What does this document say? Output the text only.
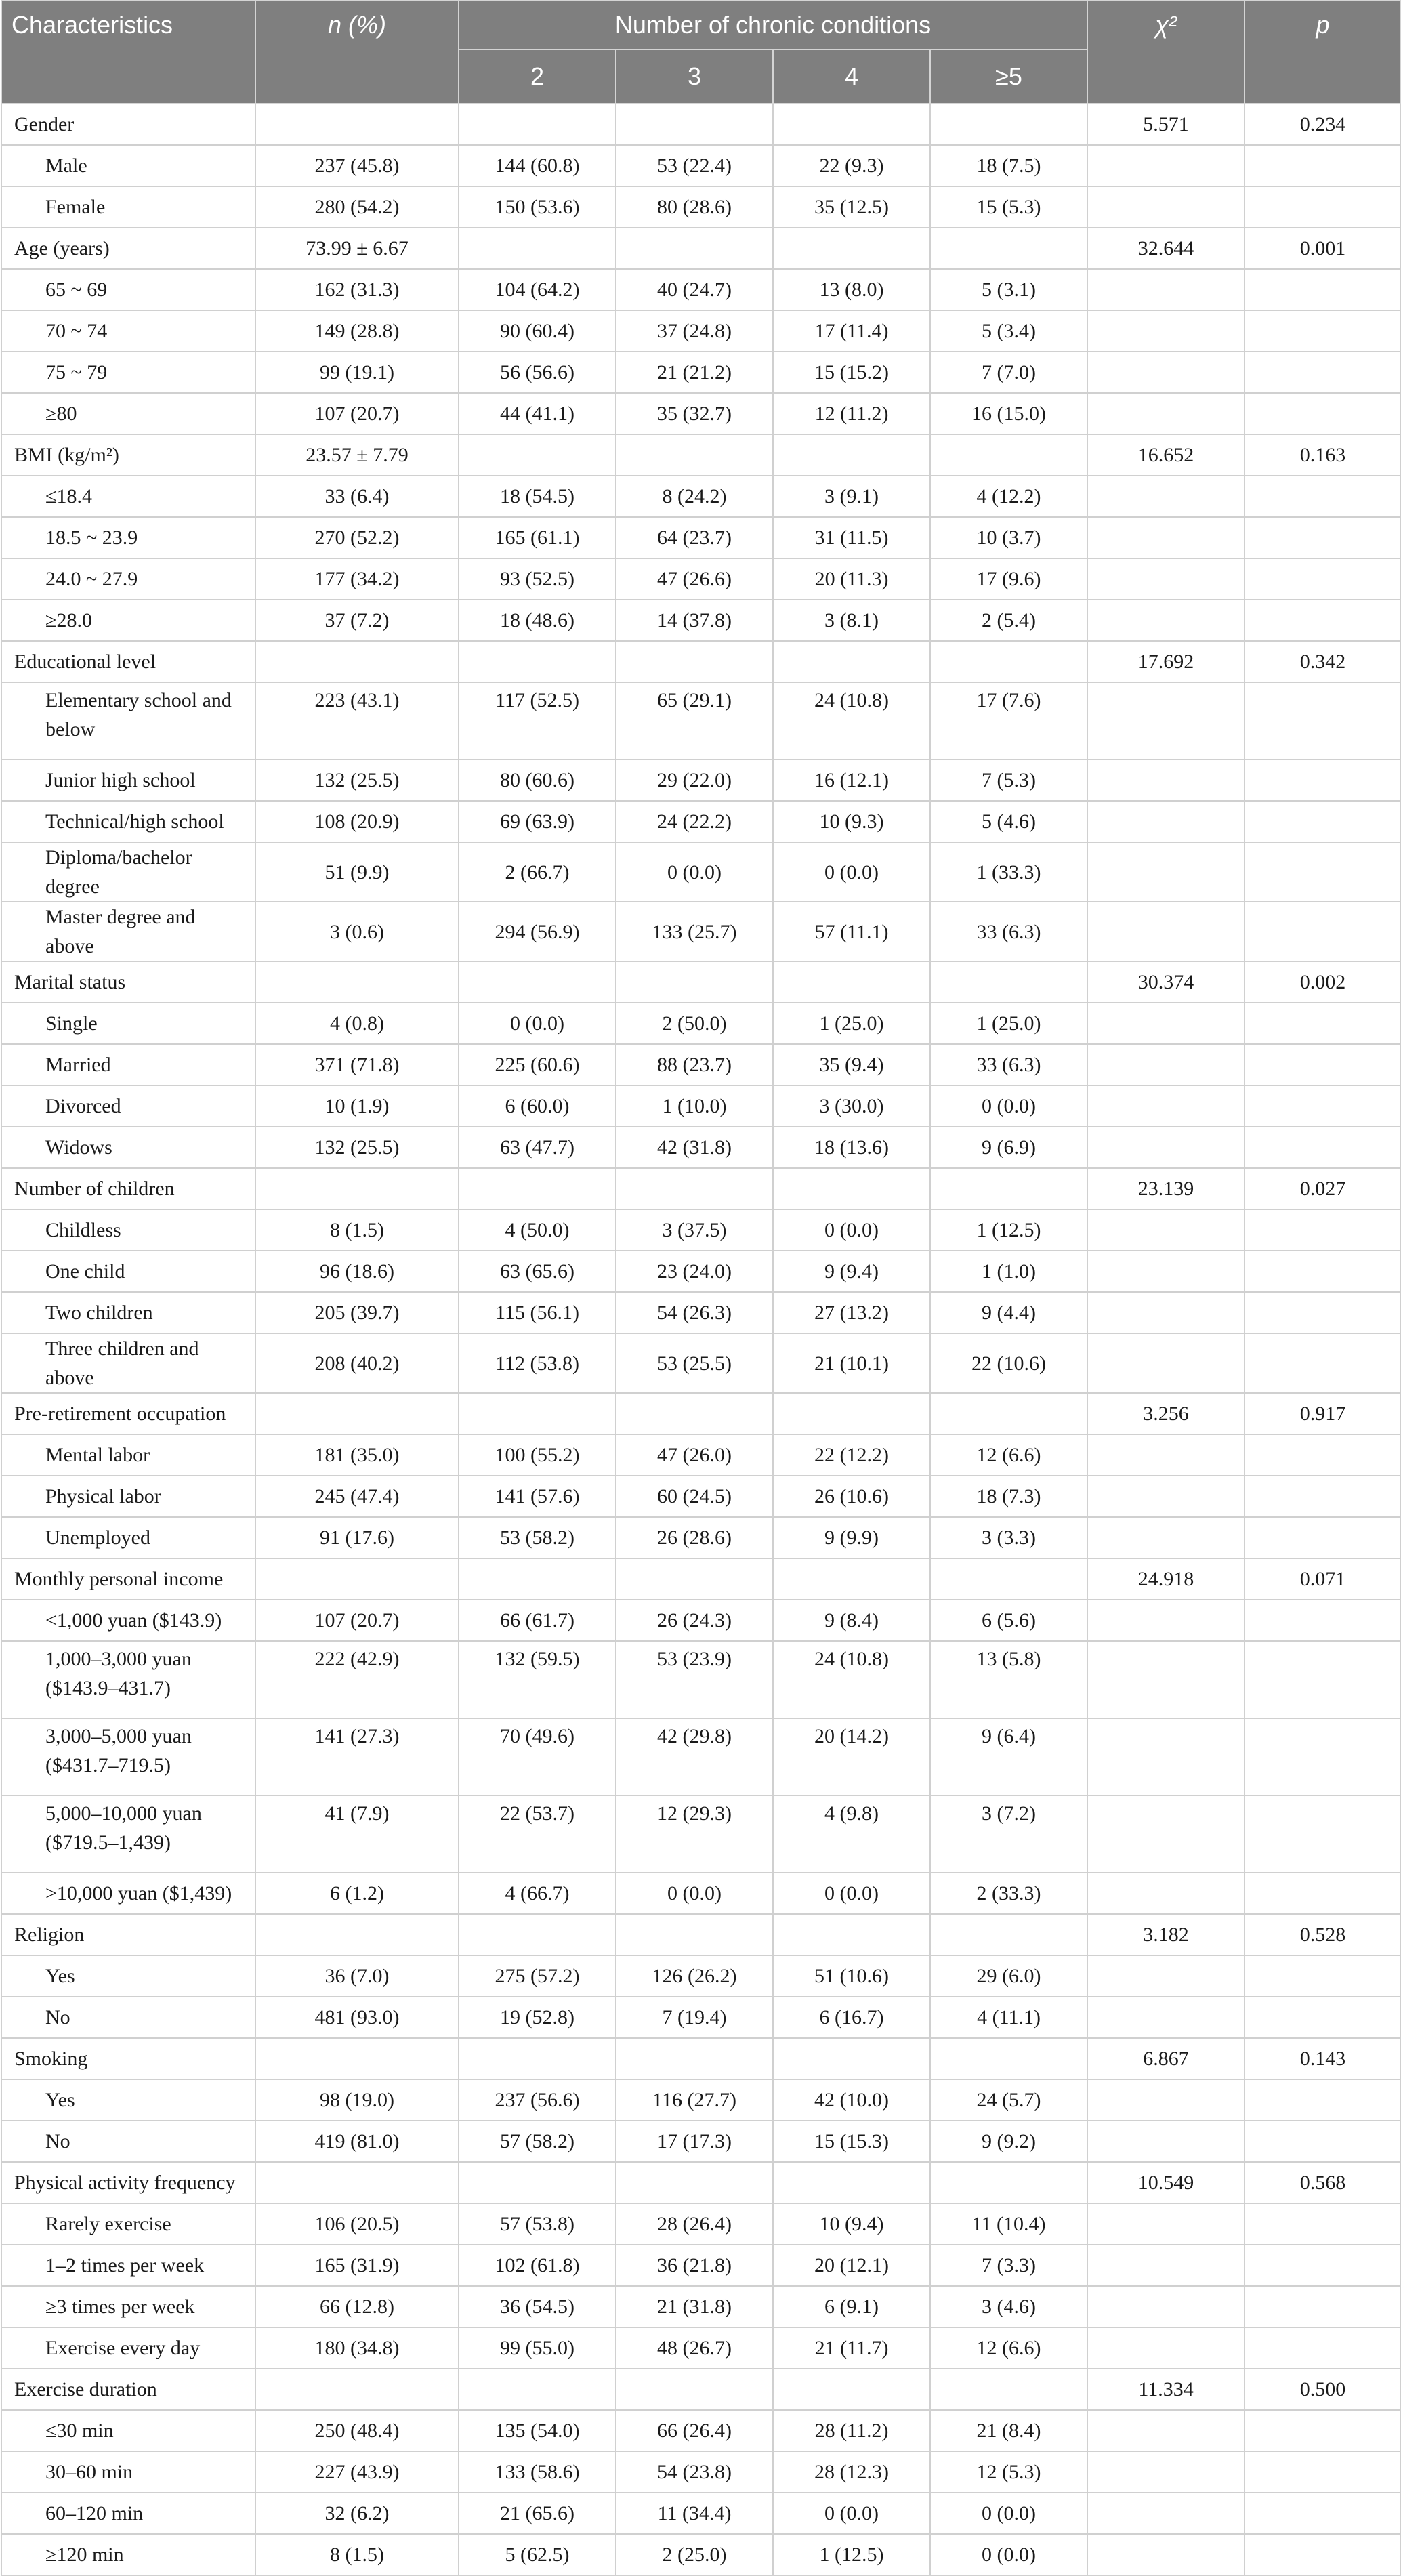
Characteristics	n (%)	Number of chronic conditions				χ²	p
		2	3	4	≥5		
Gender						5.571	0.234
Male	237 (45.8)	144 (60.8)	53 (22.4)	22 (9.3)	18 (7.5)		
Female	280 (54.2)	150 (53.6)	80 (28.6)	35 (12.5)	15 (5.3)		
Age (years)	73.99 ± 6.67					32.644	0.001
65 ~ 69	162 (31.3)	104 (64.2)	40 (24.7)	13 (8.0)	5 (3.1)		
70 ~ 74	149 (28.8)	90 (60.4)	37 (24.8)	17 (11.4)	5 (3.4)		
75 ~ 79	99 (19.1)	56 (56.6)	21 (21.2)	15 (15.2)	7 (7.0)		
≥80	107 (20.7)	44 (41.1)	35 (32.7)	12 (11.2)	16 (15.0)		
BMI (kg/m²)	23.57 ± 7.79					16.652	0.163
≤18.4	33 (6.4)	18 (54.5)	8 (24.2)	3 (9.1)	4 (12.2)		
18.5 ~ 23.9	270 (52.2)	165 (61.1)	64 (23.7)	31 (11.5)	10 (3.7)		
24.0 ~ 27.9	177 (34.2)	93 (52.5)	47 (26.6)	20 (11.3)	17 (9.6)		
≥28.0	37 (7.2)	18 (48.6)	14 (37.8)	3 (8.1)	2 (5.4)		
Educational level						17.692	0.342
Elementary school and below	223 (43.1)	117 (52.5)	65 (29.1)	24 (10.8)	17 (7.6)		
Junior high school	132 (25.5)	80 (60.6)	29 (22.0)	16 (12.1)	7 (5.3)		
Technical/high school	108 (20.9)	69 (63.9)	24 (22.2)	10 (9.3)	5 (4.6)		
Diploma/bachelor degree	51 (9.9)	2 (66.7)	0 (0.0)	0 (0.0)	1 (33.3)		
Master degree and above	3 (0.6)	294 (56.9)	133 (25.7)	57 (11.1)	33 (6.3)		
Marital status						30.374	0.002
Single	4 (0.8)	0 (0.0)	2 (50.0)	1 (25.0)	1 (25.0)		
Married	371 (71.8)	225 (60.6)	88 (23.7)	35 (9.4)	33 (6.3)		
Divorced	10 (1.9)	6 (60.0)	1 (10.0)	3 (30.0)	0 (0.0)		
Widows	132 (25.5)	63 (47.7)	42 (31.8)	18 (13.6)	9 (6.9)		
Number of children						23.139	0.027
Childless	8 (1.5)	4 (50.0)	3 (37.5)	0 (0.0)	1 (12.5)		
One child	96 (18.6)	63 (65.6)	23 (24.0)	9 (9.4)	1 (1.0)		
Two children	205 (39.7)	115 (56.1)	54 (26.3)	27 (13.2)	9 (4.4)		
Three children and above	208 (40.2)	112 (53.8)	53 (25.5)	21 (10.1)	22 (10.6)		
Pre-retirement occupation						3.256	0.917
Mental labor	181 (35.0)	100 (55.2)	47 (26.0)	22 (12.2)	12 (6.6)		
Physical labor	245 (47.4)	141 (57.6)	60 (24.5)	26 (10.6)	18 (7.3)		
Unemployed	91 (17.6)	53 (58.2)	26 (28.6)	9 (9.9)	3 (3.3)		
Monthly personal income						24.918	0.071
<1,000 yuan ($143.9)	107 (20.7)	66 (61.7)	26 (24.3)	9 (8.4)	6 (5.6)		
1,000–3,000 yuan ($143.9–431.7)	222 (42.9)	132 (59.5)	53 (23.9)	24 (10.8)	13 (5.8)		
3,000–5,000 yuan ($431.7–719.5)	141 (27.3)	70 (49.6)	42 (29.8)	20 (14.2)	9 (6.4)		
5,000–10,000 yuan ($719.5–1,439)	41 (7.9)	22 (53.7)	12 (29.3)	4 (9.8)	3 (7.2)		
>10,000 yuan ($1,439)	6 (1.2)	4 (66.7)	0 (0.0)	0 (0.0)	2 (33.3)		
Religion						3.182	0.528
Yes	36 (7.0)	275 (57.2)	126 (26.2)	51 (10.6)	29 (6.0)		
No	481 (93.0)	19 (52.8)	7 (19.4)	6 (16.7)	4 (11.1)		
Smoking						6.867	0.143
Yes	98 (19.0)	237 (56.6)	116 (27.7)	42 (10.0)	24 (5.7)		
No	419 (81.0)	57 (58.2)	17 (17.3)	15 (15.3)	9 (9.2)		
Physical activity frequency						10.549	0.568
Rarely exercise	106 (20.5)	57 (53.8)	28 (26.4)	10 (9.4)	11 (10.4)		
1–2 times per week	165 (31.9)	102 (61.8)	36 (21.8)	20 (12.1)	7 (3.3)		
≥3 times per week	66 (12.8)	36 (54.5)	21 (31.8)	6 (9.1)	3 (4.6)		
Exercise every day	180 (34.8)	99 (55.0)	48 (26.7)	21 (11.7)	12 (6.6)		
Exercise duration						11.334	0.500
≤30 min	250 (48.4)	135 (54.0)	66 (26.4)	28 (11.2)	21 (8.4)		
30–60 min	227 (43.9)	133 (58.6)	54 (23.8)	28 (12.3)	12 (5.3)		
60–120 min	32 (6.2)	21 (65.6)	11 (34.4)	0 (0.0)	0 (0.0)		
≥120 min	8 (1.5)	5 (62.5)	2 (25.0)	1 (12.5)	0 (0.0)		
